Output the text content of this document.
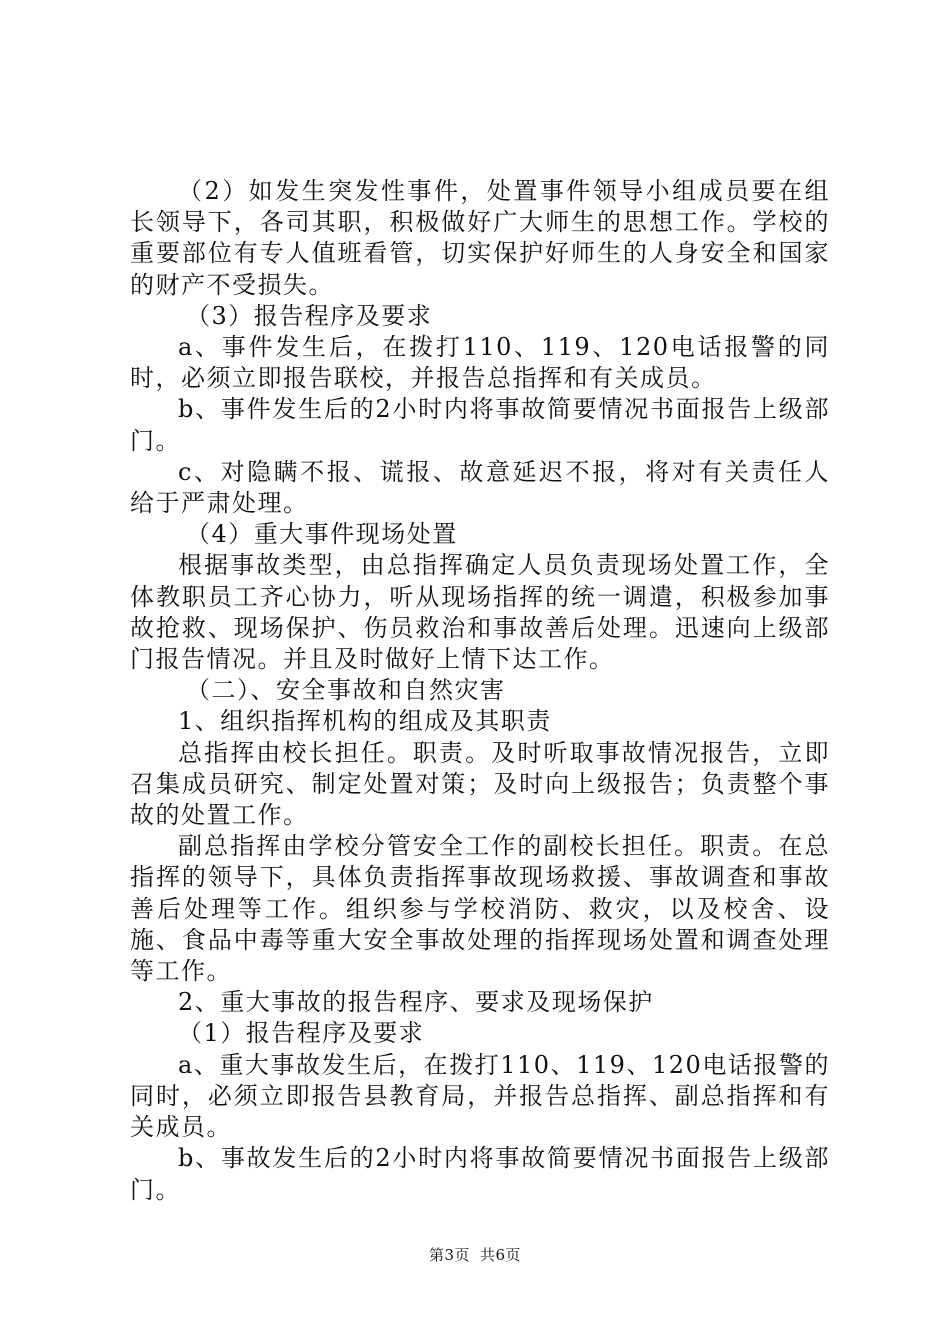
（2）如发生突发性事件，处置事件领导小组成员要在组长领导下，各司其职，积极做好广大师生的思想工作。学校的重要部位有专人值班看管，切实保护好师生的人身安全和国家的财产不受损失。

（3）报告程序及要求

a、事件发生后，在拨打110、119、120电话报警的同时，必须立即报告联校，并报告总指挥和有关成员。

b、事件发生后的2小时内将事故简要情况书面报告上级部门。

c、对隐瞒不报、谎报、故意延迟不报，将对有关责任人给于严肃处理。

（4）重大事件现场处置

根据事故类型，由总指挥确定人员负责现场处置工作，全体教职员工齐心协力，听从现场指挥的统一调遣，积极参加事故抢救、现场保护、伤员救治和事故善后处理。迅速向上级部门报告情况。并且及时做好上情下达工作。

（二）、安全事故和自然灾害

1、组织指挥机构的组成及其职责

总指挥由校长担任。职责。及时听取事故情况报告，立即召集成员研究、制定处置对策；及时向上级报告；负责整个事故的处置工作。

副总指挥由学校分管安全工作的副校长担任。职责。在总指挥的领导下，具体负责指挥事故现场救援、事故调查和事故善后处理等工作。组织参与学校消防、救灾，以及校舍、设施、食品中毒等重大安全事故处理的指挥现场处置和调查处理等工作。

2、重大事故的报告程序、要求及现场保护

（1）报告程序及要求

a、重大事故发生后，在拨打110、119、120电话报警的同时，必须立即报告县教育局，并报告总指挥、副总指挥和有关成员。

b、事故发生后的2小时内将事故简要情况书面报告上级部门。

第3页 共6页
